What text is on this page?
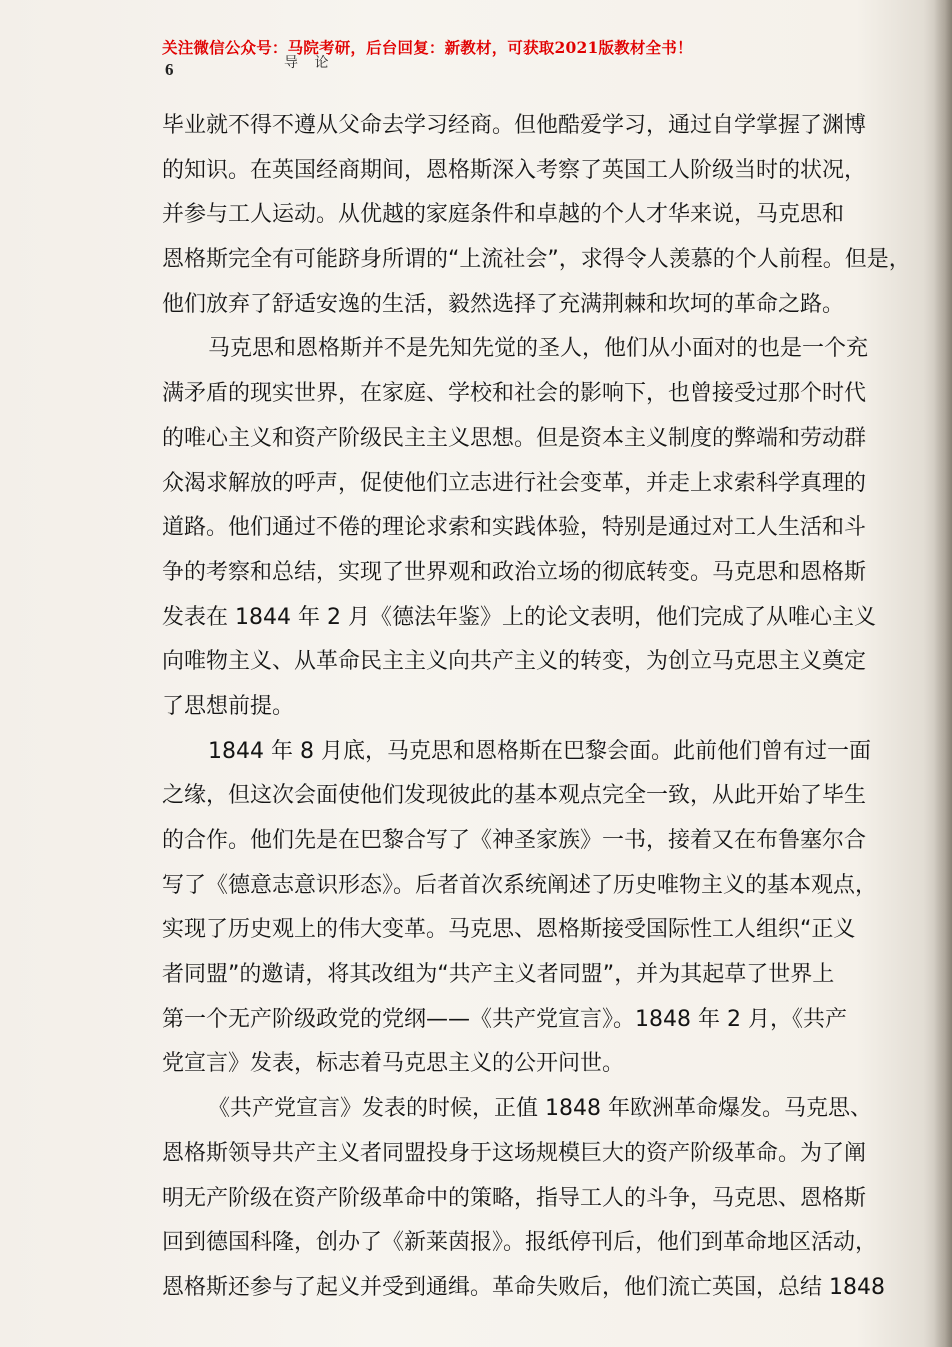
关注微信公众号：马院考研，后台回复：新教材，可获取2021版教材全书！
6	导 论
毕业就不得不遵从父命去学习经商。但他酷爱学习，通过自学掌握了渊博
的知识。在英国经商期间，恩格斯深入考察了英国工人阶级当时的状况，
并参与工人运动。从优越的家庭条件和卓越的个人才华来说，马克思和
恩格斯完全有可能跻身所谓的“上流社会”，求得令人羡慕的个人前程。但是，
他们放弃了舒适安逸的生活，毅然选择了充满荆棘和坎坷的革命之路。
马克思和恩格斯并不是先知先觉的圣人，他们从小面对的也是一个充
满矛盾的现实世界，在家庭、学校和社会的影响下，也曾接受过那个时代
的唯心主义和资产阶级民主主义思想。但是资本主义制度的弊端和劳动群
众渴求解放的呼声，促使他们立志进行社会变革，并走上求索科学真理的
道路。他们通过不倦的理论求索和实践体验，特别是通过对工人生活和斗
争的考察和总结，实现了世界观和政治立场的彻底转变。马克思和恩格斯
发表在 1844 年 2 月《德法年鉴》上的论文表明，他们完成了从唯心主义
向唯物主义、从革命民主主义向共产主义的转变，为创立马克思主义奠定
了思想前提。
1844 年 8 月底，马克思和恩格斯在巴黎会面。此前他们曾有过一面
之缘，但这次会面使他们发现彼此的基本观点完全一致，从此开始了毕生
的合作。他们先是在巴黎合写了《神圣家族》一书，接着又在布鲁塞尔合
写了《德意志意识形态》。后者首次系统阐述了历史唯物主义的基本观点，
实现了历史观上的伟大变革。马克思、恩格斯接受国际性工人组织“正义
者同盟”的邀请，将其改组为“共产主义者同盟”，并为其起草了世界上
第一个无产阶级政党的党纲——《共产党宣言》。1848 年 2 月，《共产
党宣言》发表，标志着马克思主义的公开问世。
《共产党宣言》发表的时候，正值 1848 年欧洲革命爆发。马克思、
恩格斯领导共产主义者同盟投身于这场规模巨大的资产阶级革命。为了阐
明无产阶级在资产阶级革命中的策略，指导工人的斗争，马克思、恩格斯
回到德国科隆，创办了《新莱茵报》。报纸停刊后，他们到革命地区活动，
恩格斯还参与了起义并受到通缉。革命失败后，他们流亡英国，总结 1848
